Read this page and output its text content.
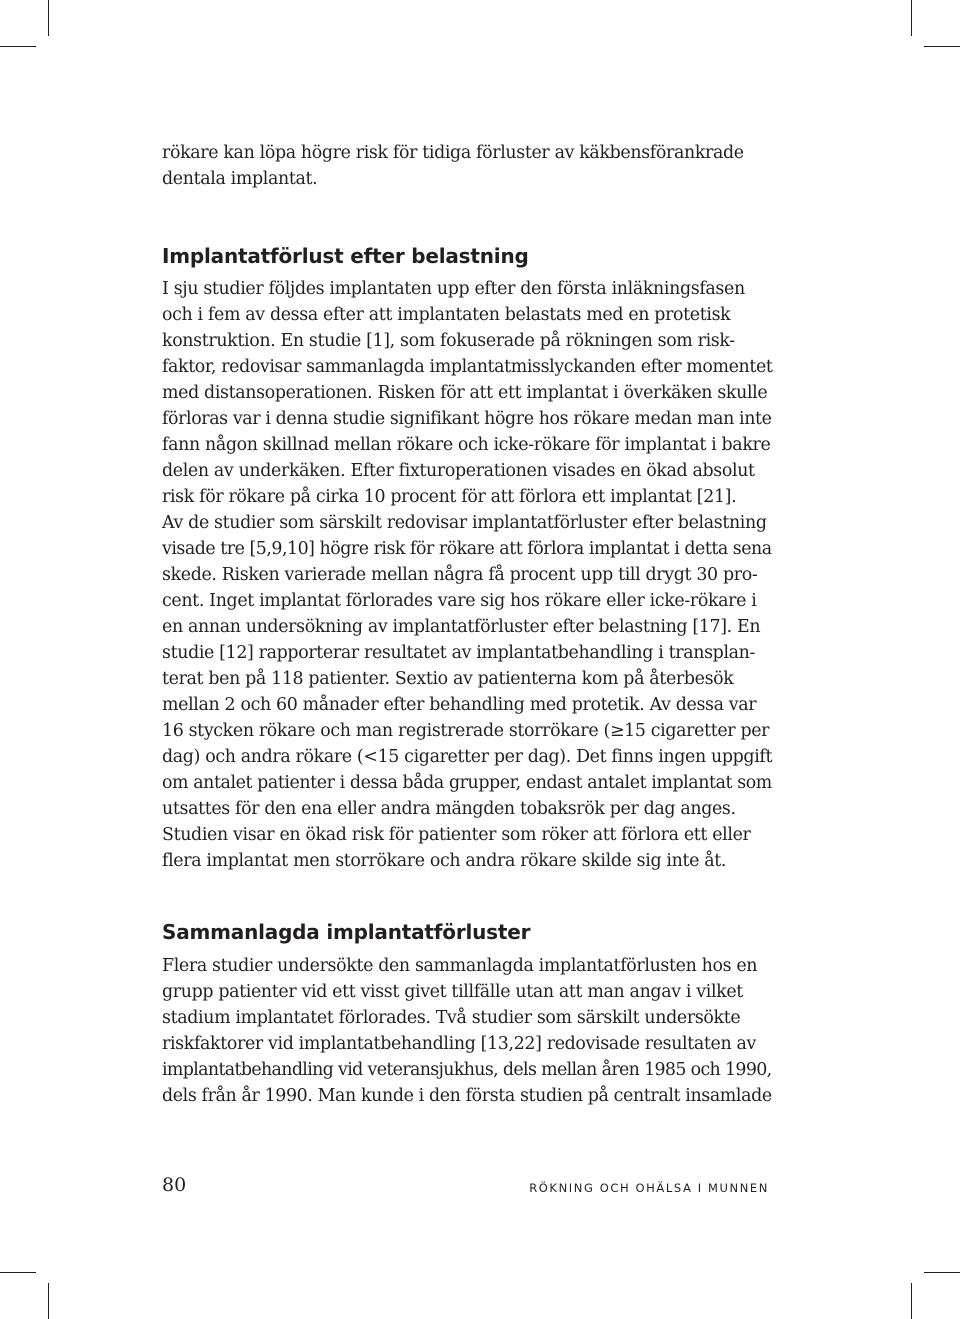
rökare kan löpa högre risk för tidiga förluster av käkbensförankrade
dentala implantat.

Implantatförlust efter belastning

I sju studier följdes implantaten upp efter den första inläkningsfasen
och i fem av dessa efter att implantaten belastats med en protetisk
konstruktion. En studie [1], som fokuserade på rökningen som risk-
faktor, redovisar sammanlagda implantatmisslyckanden efter momentet
med distansoperationen. Risken för att ett implantat i överkäken skulle
förloras var i denna studie signifikant högre hos rökare medan man inte
fann någon skillnad mellan rökare och icke-rökare för implantat i bakre
delen av underkäken. Efter fixturoperationen visades en ökad absolut
risk för rökare på cirka 10 procent för att förlora ett implantat [21].
Av de studier som särskilt redovisar implantatförluster efter belastning
visade tre [5,9,10] högre risk för rökare att förlora implantat i detta sena
skede. Risken varierade mellan några få procent upp till drygt 30 pro-
cent. Inget implantat förlorades vare sig hos rökare eller icke-rökare i
en annan undersökning av implantatförluster efter belastning [17]. En
studie [12] rapporterar resultatet av implantatbehandling i transplan-
terat ben på 118 patienter. Sextio av patienterna kom på återbesök
mellan 2 och 60 månader efter behandling med protetik. Av dessa var
16 stycken rökare och man registrerade storrökare (≥15 cigaretter per
dag) och andra rökare (<15 cigaretter per dag). Det finns ingen uppgift
om antalet patienter i dessa båda grupper, endast antalet implantat som
utsattes för den ena eller andra mängden tobaksrök per dag anges.
Studien visar en ökad risk för patienter som röker att förlora ett eller
flera implantat men storrökare och andra rökare skilde sig inte åt.

Sammanlagda implantatförluster

Flera studier undersökte den sammanlagda implantatförlusten hos en
grupp patienter vid ett visst givet tillfälle utan att man angav i vilket
stadium implantatet förlorades. Två studier som särskilt undersökte
riskfaktorer vid implantatbehandling [13,22] redovisade resultaten av
implantatbehandling vid veteransjukhus, dels mellan åren 1985 och 1990,
dels från år 1990. Man kunde i den första studien på centralt insamlade

80	RÖKNING OCH OHÄLSA I MUNNEN
